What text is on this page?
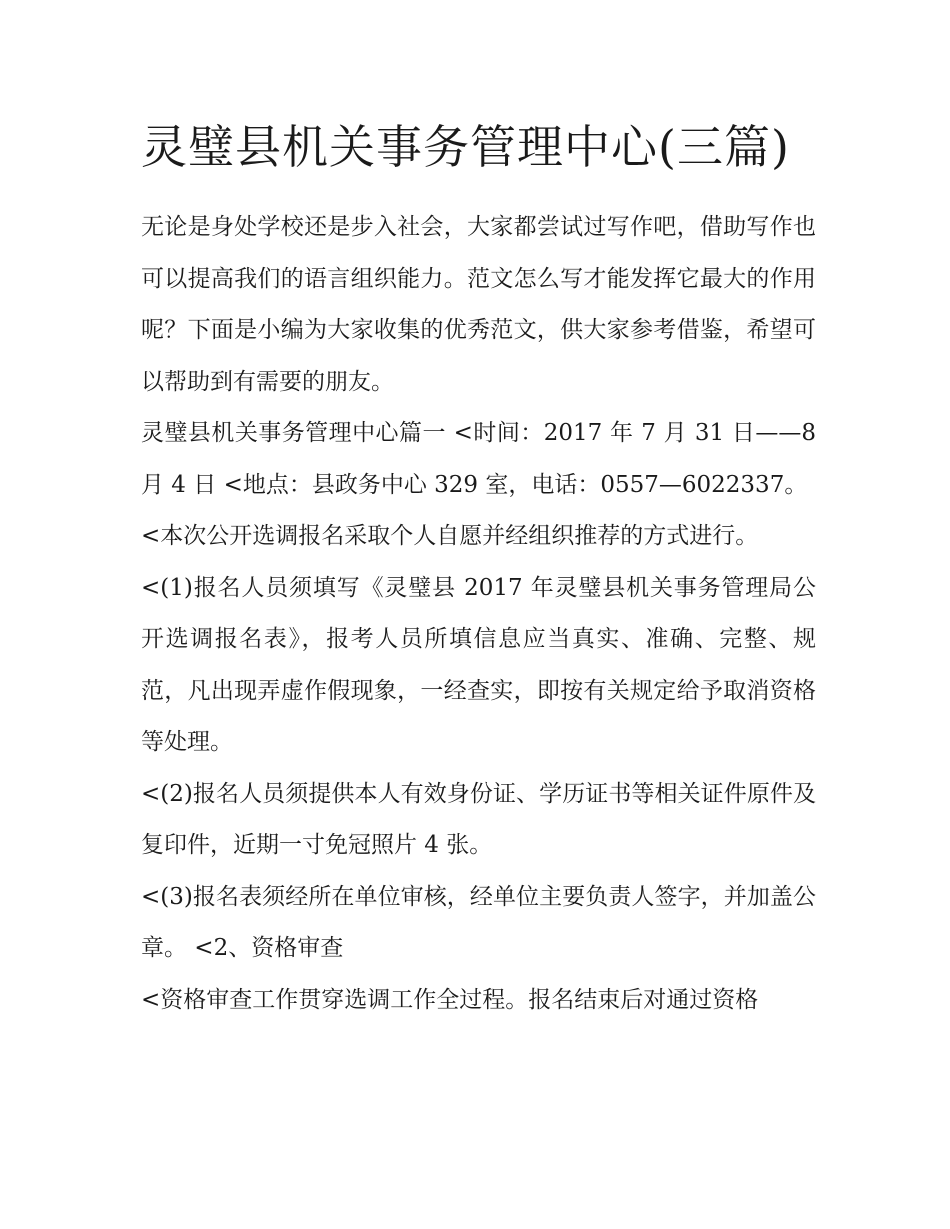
灵璧县机关事务管理中心(三篇)

无论是身处学校还是步入社会，大家都尝试过写作吧，借助写作也可以提高我们的语言组织能力。范文怎么写才能发挥它最大的作用呢？下面是小编为大家收集的优秀范文，供大家参考借鉴，希望可以帮助到有需要的朋友。

灵璧县机关事务管理中心篇一 <时间：2017 年 7 月 31 日——8 月 4 日 <地点：县政务中心 329 室，电话：0557—6022337。

<本次公开选调报名采取个人自愿并经组织推荐的方式进行。

<(1)报名人员须填写《灵璧县 2017 年灵璧县机关事务管理局公开选调报名表》，报考人员所填信息应当真实、准确、完整、规范，凡出现弄虚作假现象，一经查实，即按有关规定给予取消资格等处理。

<(2)报名人员须提供本人有效身份证、学历证书等相关证件原件及复印件，近期一寸免冠照片 4 张。

<(3)报名表须经所在单位审核，经单位主要负责人签字，并加盖公章。 <2、资格审查

<资格审查工作贯穿选调工作全过程。报名结束后对通过资格
